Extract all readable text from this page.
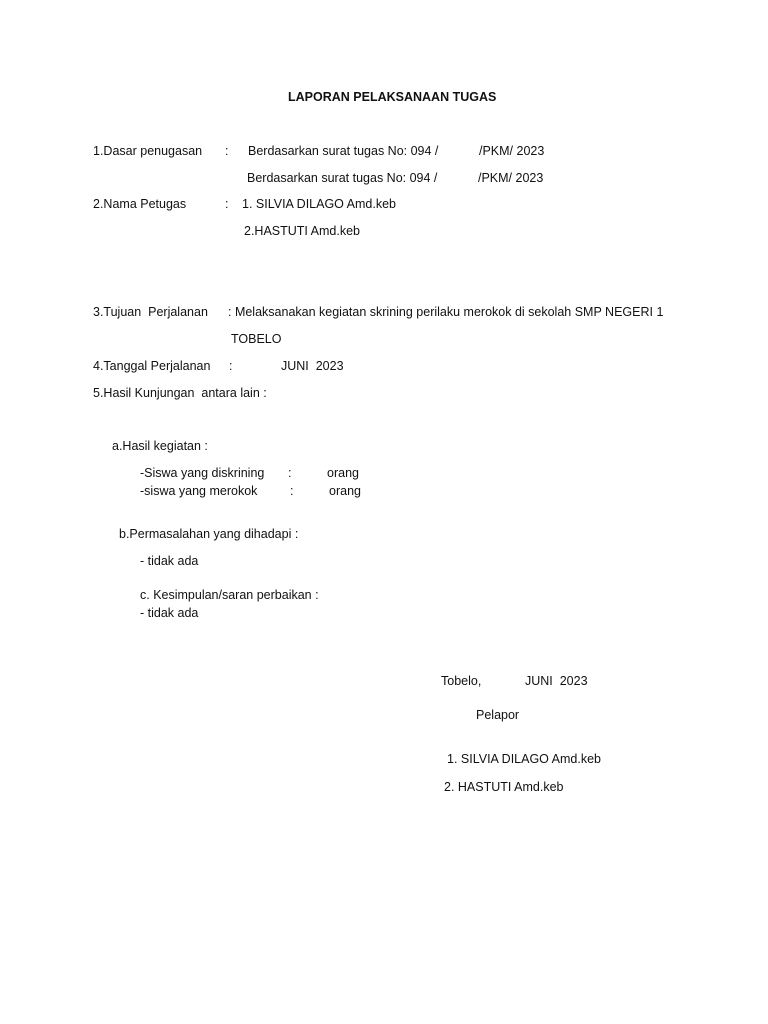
LAPORAN PELAKSANAAN TUGAS
1.Dasar penugasan : Berdasarkan surat tugas No: 094 /	/PKM/ 2023
Berdasarkan surat tugas No: 094 /	/PKM/ 2023
2.Nama Petugas	: 1. SILVIA DILAGO Amd.keb
2.HASTUTI Amd.keb
3.Tujuan  Perjalanan : Melaksanakan kegiatan skrining perilaku merokok di sekolah SMP NEGERI 1
TOBELO
4.Tanggal Perjalanan :	JUNI  2023
5.Hasil Kunjungan  antara lain :
a.Hasil kegiatan :
-Siswa yang diskrining :	orang
-siswa yang merokok	:	orang
b.Permasalahan yang dihadapi :
- tidak ada
c. Kesimpulan/saran perbaikan :
- tidak ada
Tobelo,	JUNI  2023
Pelapor
1. SILVIA DILAGO Amd.keb
2. HASTUTI Amd.keb
